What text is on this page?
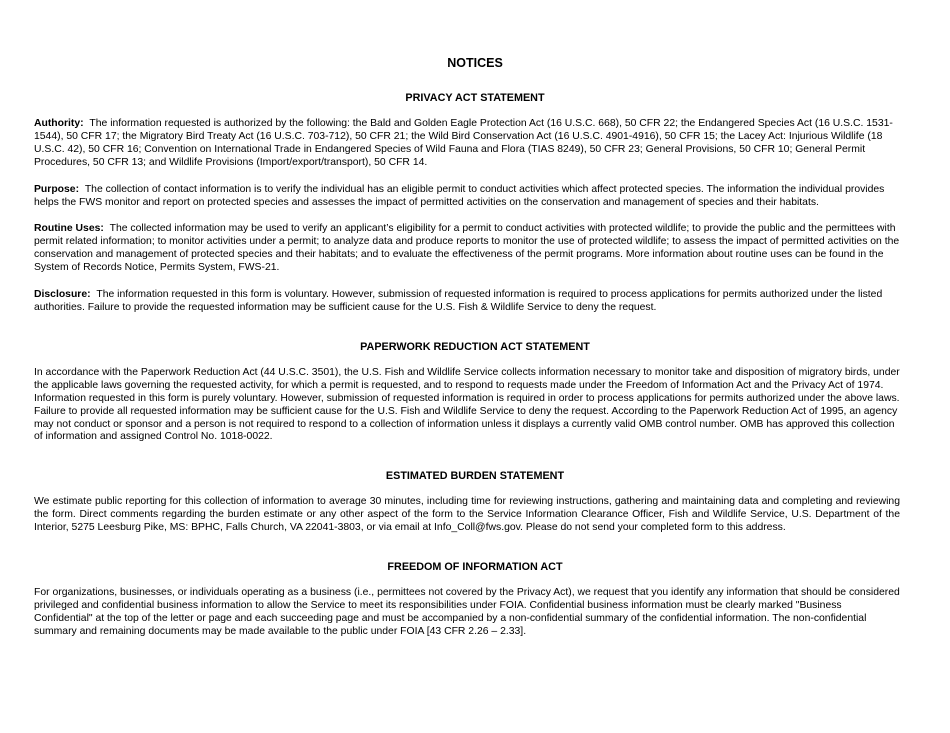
NOTICES
PRIVACY ACT STATEMENT

Authority: The information requested is authorized by the following: the Bald and Golden Eagle Protection Act (16 U.S.C. 668), 50 CFR 22; the Endangered Species Act (16 U.S.C. 1531-1544), 50 CFR 17; the Migratory Bird Treaty Act (16 U.S.C. 703-712), 50 CFR 21; the Wild Bird Conservation Act (16 U.S.C. 4901-4916), 50 CFR 15; the Lacey Act: Injurious Wildlife (18 U.S.C. 42), 50 CFR 16; Convention on International Trade in Endangered Species of Wild Fauna and Flora (TIAS 8249), 50 CFR 23; General Provisions, 50 CFR 10; General Permit Procedures, 50 CFR 13; and Wildlife Provisions (Import/export/transport), 50 CFR 14.

Purpose: The collection of contact information is to verify the individual has an eligible permit to conduct activities which affect protected species. The information the individual provides helps the FWS monitor and report on protected species and assesses the impact of permitted activities on the conservation and management of species and their habitats.

Routine Uses: The collected information may be used to verify an applicant’s eligibility for a permit to conduct activities with protected wildlife; to provide the public and the permittees with permit related information; to monitor activities under a permit; to analyze data and produce reports to monitor the use of protected wildlife; to assess the impact of permitted activities on the conservation and management of protected species and their habitats; and to evaluate the effectiveness of the permit programs. More information about routine uses can be found in the System of Records Notice, Permits System, FWS-21.

Disclosure: The information requested in this form is voluntary. However, submission of requested information is required to process applications for permits authorized under the listed authorities. Failure to provide the requested information may be sufficient cause for the U.S. Fish & Wildlife Service to deny the request.

PAPERWORK REDUCTION ACT STATEMENT

In accordance with the Paperwork Reduction Act (44 U.S.C. 3501), the U.S. Fish and Wildlife Service collects information necessary to monitor take and disposition of migratory birds, under the applicable laws governing the requested activity, for which a permit is requested, and to respond to requests made under the Freedom of Information Act and the Privacy Act of 1974. Information requested in this form is purely voluntary. However, submission of requested information is required in order to process applications for permits authorized under the above laws. Failure to provide all requested information may be sufficient cause for the U.S. Fish and Wildlife Service to deny the request. According to the Paperwork Reduction Act of 1995, an agency may not conduct or sponsor and a person is not required to respond to a collection of information unless it displays a currently valid OMB control number. OMB has approved this collection of information and assigned Control No. 1018-0022.

ESTIMATED BURDEN STATEMENT

We estimate public reporting for this collection of information to average 30 minutes, including time for reviewing instructions, gathering and maintaining data and completing and reviewing the form. Direct comments regarding the burden estimate or any other aspect of the form to the Service Information Clearance Officer, Fish and Wildlife Service, U.S. Department of the Interior, 5275 Leesburg Pike, MS: BPHC, Falls Church, VA 22041-3803, or via email at Info_Coll@fws.gov. Please do not send your completed form to this address.

FREEDOM OF INFORMATION ACT

For organizations, businesses, or individuals operating as a business (i.e., permittees not covered by the Privacy Act), we request that you identify any information that should be considered privileged and confidential business information to allow the Service to meet its responsibilities under FOIA. Confidential business information must be clearly marked "Business Confidential" at the top of the letter or page and each succeeding page and must be accompanied by a non-confidential summary of the confidential information. The non-confidential summary and remaining documents may be made available to the public under FOIA [43 CFR 2.26 – 2.33].
